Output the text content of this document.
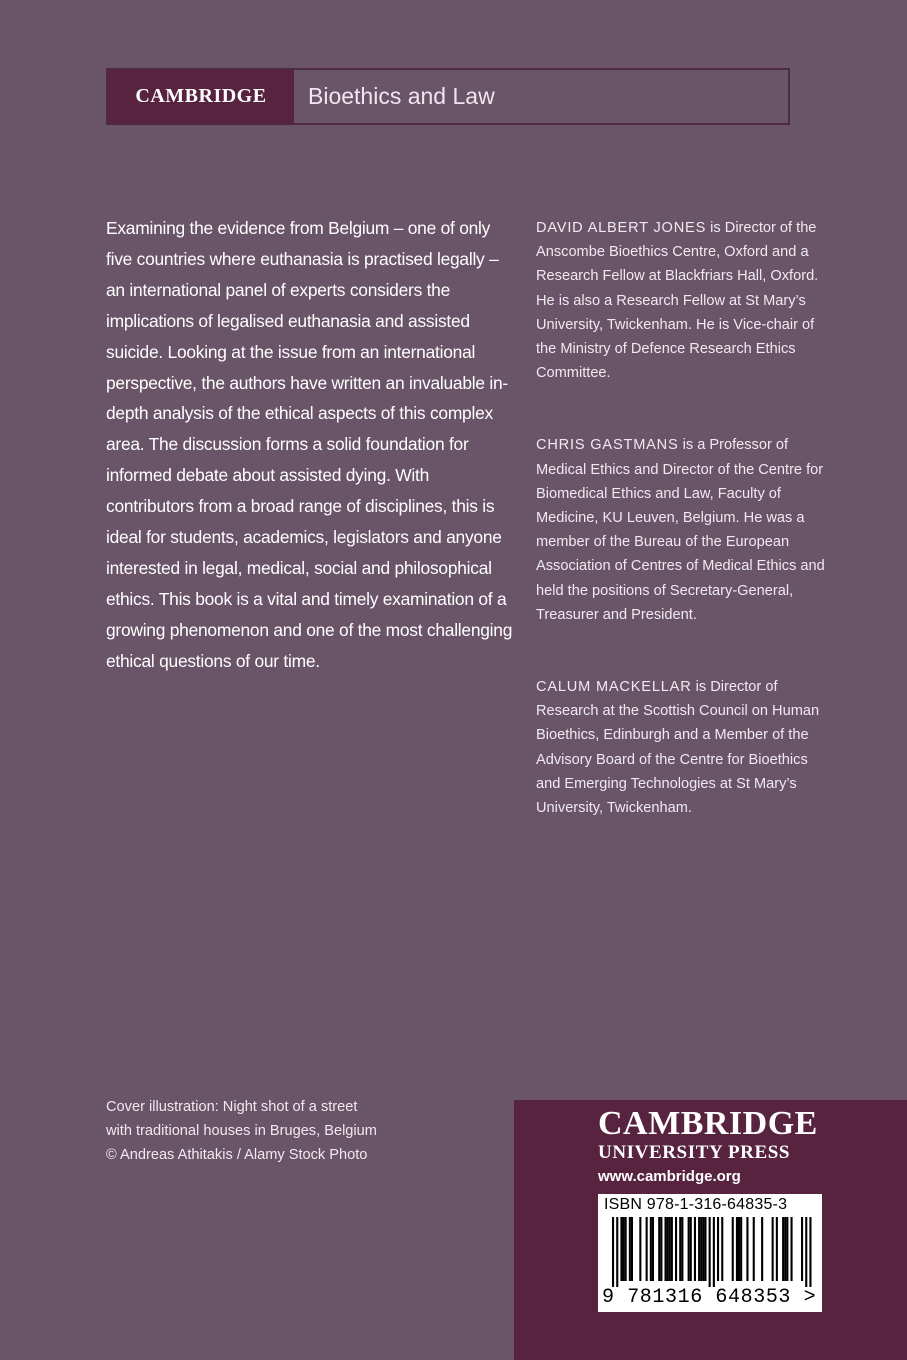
CAMBRIDGE	Bioethics and Law

Examining the evidence from Belgium – one of only five countries where euthanasia is practised legally – an international panel of experts considers the implications of legalised euthanasia and assisted suicide. Looking at the issue from an international perspective, the authors have written an invaluable in-depth analysis of the ethical aspects of this complex area. The discussion forms a solid foundation for informed debate about assisted dying. With contributors from a broad range of disciplines, this is ideal for students, academics, legislators and anyone interested in legal, medical, social and philosophical ethics. This book is a vital and timely examination of a growing phenomenon and one of the most challenging ethical questions of our time.

DAVID ALBERT JONES is Director of the Anscombe Bioethics Centre, Oxford and a Research Fellow at Blackfriars Hall, Oxford. He is also a Research Fellow at St Mary’s University, Twickenham. He is Vice-chair of the Ministry of Defence Research Ethics Committee.

CHRIS GASTMANS is a Professor of Medical Ethics and Director of the Centre for Biomedical Ethics and Law, Faculty of Medicine, KU Leuven, Belgium. He was a member of the Bureau of the European Association of Centres of Medical Ethics and held the positions of Secretary-General, Treasurer and President.

CALUM MACKELLAR is Director of Research at the Scottish Council on Human Bioethics, Edinburgh and a Member of the Advisory Board of the Centre for Bioethics and Emerging Technologies at St Mary’s University, Twickenham.

Cover illustration: Night shot of a street
with traditional houses in Bruges, Belgium
© Andreas Athitakis / Alamy Stock Photo
CAMBRIDGE
UNIVERSITY PRESS
www.cambridge.org
ISBN 978-1-316-64835-3
9 781316 648353 >
